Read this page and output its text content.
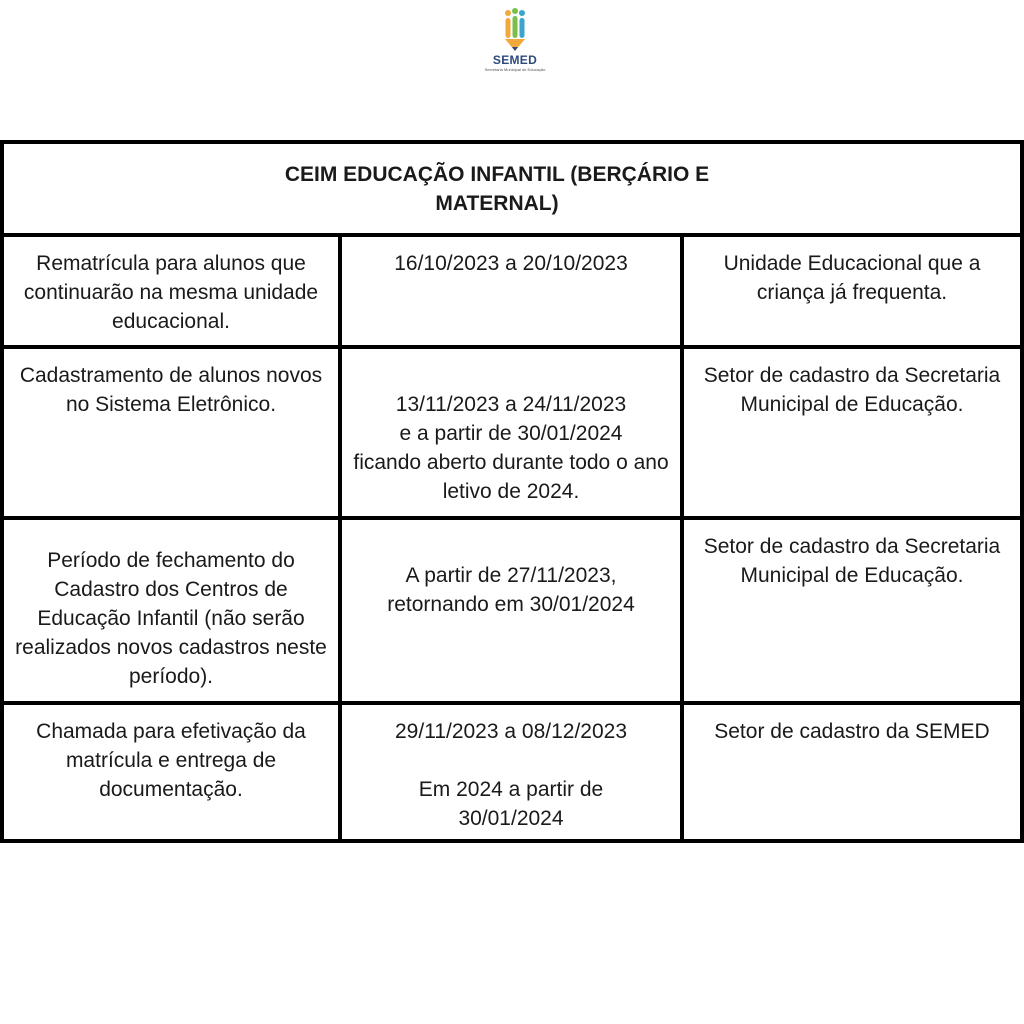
SEMED
Secretaria Municipal de Educação
CEIM EDUCAÇÃO INFANTIL (BERÇÁRIO E
MATERNAL)
Rematrícula para alunos que continuarão na mesma unidade educacional.
16/10/2023 a 20/10/2023	Unidade Educacional que a criança já frequenta.
Cadastramento de alunos novos no Sistema Eletrônico.	13/11/2023 a 24/11/2023
e a partir de 30/01/2024
ficando aberto durante todo o ano letivo de 2024.
Setor de cadastro da Secretaria Municipal de Educação.
Período de fechamento do Cadastro dos Centros de Educação Infantil (não serão realizados novos cadastros neste período).
A partir de 27/11/2023,
retornando em 30/01/2024
Setor de cadastro da Secretaria Municipal de Educação.
Chamada para efetivação da matrícula e entrega de documentação.
29/11/2023 a 08/12/2023

Em 2024 a partir de
30/01/2024
Setor de cadastro da SEMED
